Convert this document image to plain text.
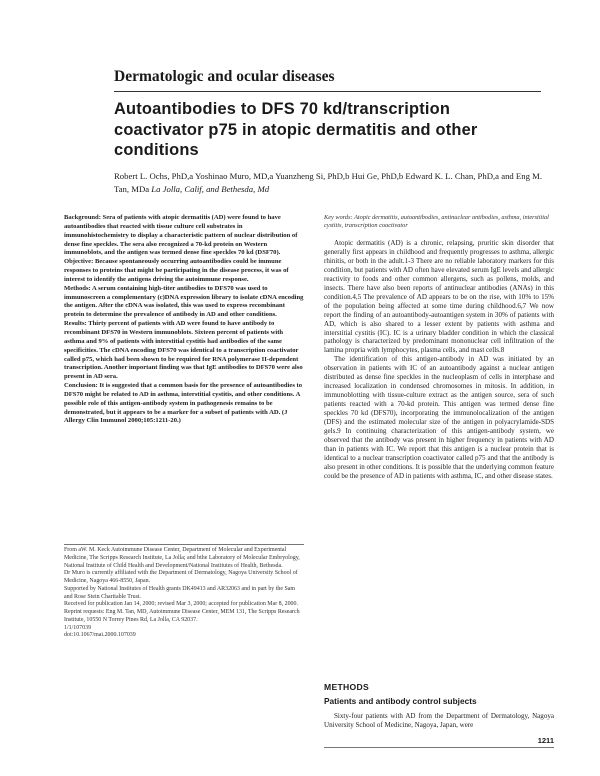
Dermatologic and ocular diseases
Autoantibodies to DFS 70 kd/transcription coactivator p75 in atopic dermatitis and other conditions
Robert L. Ochs, PhD,a Yoshinao Muro, MD,a Yuanzheng Si, PhD,b Hui Ge, PhD,b Edward K. L. Chan, PhD,a and Eng M. Tan, MDa La Jolla, Calif, and Bethesda, Md

Background: Sera of patients with atopic dermatitis (AD) were found to have autoantibodies that reacted with tissue culture cell substrates in immunohistochemistry to display a characteristic pattern of nuclear distribution of dense fine speckles. The sera also recognized a 70-kd protein on Western immunoblots, and the antigen was termed dense fine speckles 70 kd (DSF70).

Objective: Because spontaneously occurring autoantibodies could be immune responses to proteins that might be participating in the disease process, it was of interest to identify the antigens driving the autoimmune response.

Methods: A serum containing high-titer antibodies to DFS70 was used to immunoscreen a complementary (c)DNA expression library to isolate cDNA encoding the antigen. After the cDNA was isolated, this was used to express recombinant protein to determine the prevalence of antibody in AD and other conditions.

Results: Thirty percent of patients with AD were found to have antibody to recombinant DFS70 in Western immunoblots. Sixteen percent of patients with asthma and 9% of patients with interstitial cystitis had antibodies of the same specificities. The cDNA encoding DFS70 was identical to a transcription coactivator called p75, which had been shown to be required for RNA polymerase II-dependent transcription. Another important finding was that IgE antibodies to DFS70 were also present in AD sera.

Conclusion: It is suggested that a common basis for the presence of autoantibodies to DFS70 might be related to AD in asthma, interstitial cystitis, and other conditions. A possible role of this antigen-antibody system in pathogenesis remains to be demonstrated, but it appears to be a marker for a subset of patients with AD. (J Allergy Clin Immunol 2000;105:1211-20.)

From aW. M. Keck Autoimmune Disease Center, Department of Molecular and Experimental Medicine, The Scripps Research Institute, La Jolla; and bthe Laboratory of Molecular Embryology, National Institute of Child Health and Development/National Institutes of Health, Bethesda.

Dr Muro is currently affiliated with the Department of Dermatology, Nagoya University School of Medicine, Nagoya 466-8550, Japan.

Supported by National Institutes of Health grants DK49413 and AR32063 and in part by the Sam and Rose Stein Charitable Trust.

Received for publication Jan 14, 2000; revised Mar 3, 2000; accepted for publication Mar 8, 2000.

Reprint requests: Eng M. Tan, MD, Autoimmune Disease Center, MEM 131, The Scripps Research Institute, 10550 N Torrey Pines Rd, La Jolla, CA 92037.

1/1/107039

doi:10.1067/mai.2000.107039

Key words: Atopic dermatitis, autoantibodies, antinuclear antibodies, asthma, interstitial cystitis, transcription coactivator

Atopic dermatitis (AD) is a chronic, relapsing, pruritic skin disorder that generally first appears in childhood and frequently progresses to asthma, allergic rhinitis, or both in the adult.1-3 There are no reliable laboratory markers for this condition, but patients with AD often have elevated serum IgE levels and allergic reactivity to foods and other common allergens, such as pollens, molds, and insects. There have also been reports of antinuclear antibodies (ANAs) in this condition.4,5 The prevalence of AD appears to be on the rise, with 10% to 15% of the population being affected at some time during childhood.6,7 We now report the finding of an autoantibody-autoantigen system in 30% of patients with AD, which is also shared to a lesser extent by patients with asthma and interstitial cystitis (IC). IC is a urinary bladder condition in which the classical pathology is characterized by predominant mononuclear cell infiltration of the lamina propria with lymphocytes, plasma cells, and mast cells.8

The identification of this antigen-antibody in AD was initiated by an observation in patients with IC of an autoantibody against a nuclear antigen distributed as dense fine speckles in the nucleoplasm of cells in interphase and increased localization in condensed chromosomes in mitosis. In addition, in immunoblotting with tissue-culture extract as the antigen source, sera of such patients reacted with a 70-kd protein. This antigen was termed dense fine speckles 70 kd (DFS70), incorporating the immunolocalization of the antigen (DFS) and the estimated molecular size of the antigen in polyacrylamide-SDS gels.9 In continuing characterization of this antigen-antibody system, we observed that the antibody was present in higher frequency in patients with AD than in patients with IC. We report that this antigen is a nuclear protein that is identical to a nuclear transcription coactivator called p75 and that the antibody is also present in other conditions. It is possible that the underlying common feature could be the presence of AD in patients with asthma, IC, and other disease states.

METHODS
Patients and antibody control subjects
Sixty-four patients with AD from the Department of Dermatology, Nagoya University School of Medicine, Nagoya, Japan, were
1211
